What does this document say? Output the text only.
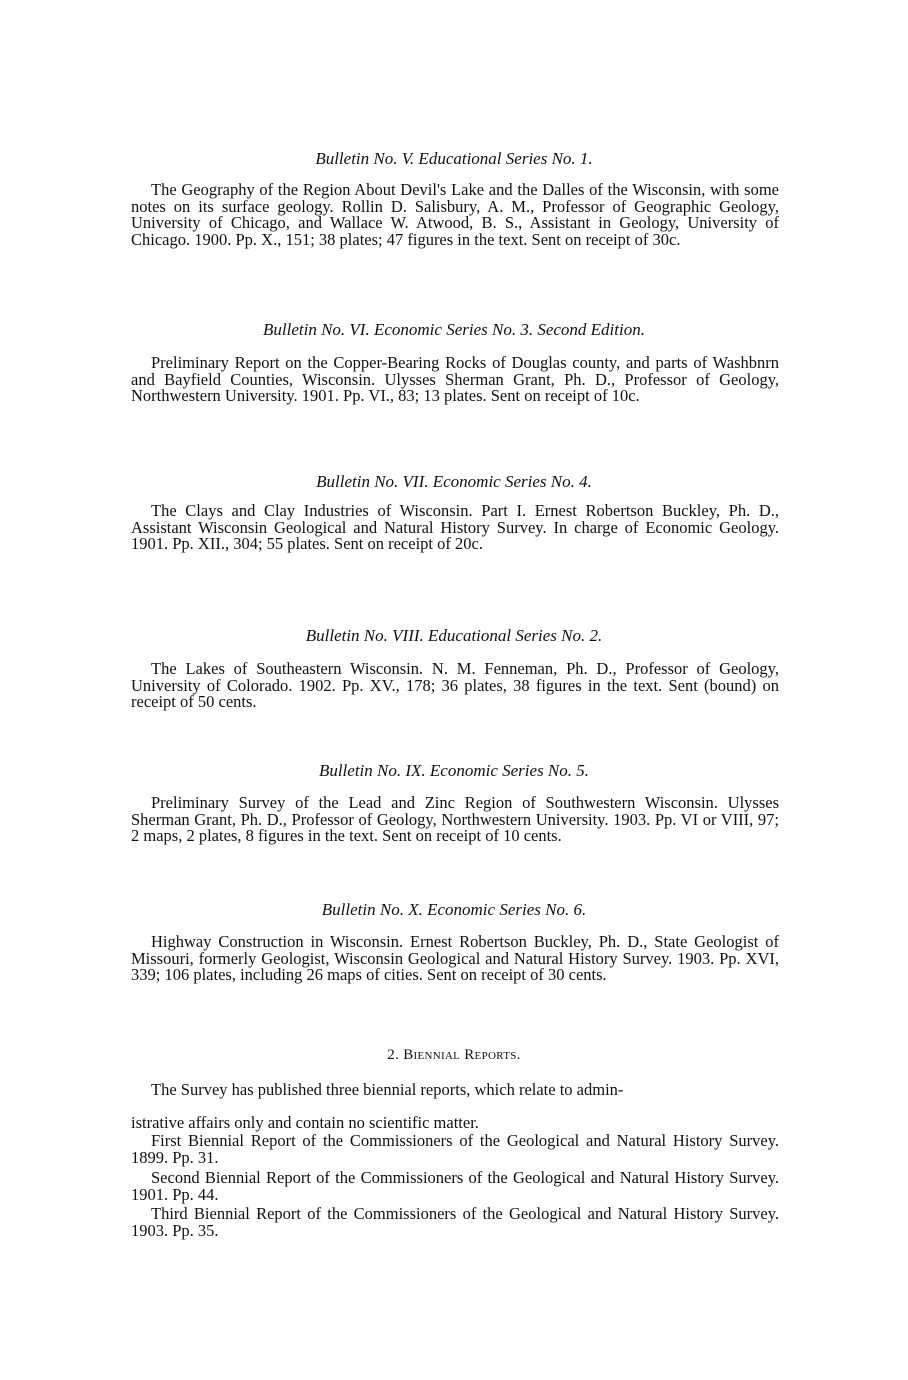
Bulletin No. V. Educational Series No. 1.
The Geography of the Region About Devil's Lake and the Dalles of the Wisconsin, with some notes on its surface geology. Rollin D. Salisbury, A. M., Professor of Geographic Geology, University of Chicago, and Wallace W. Atwood, B. S., Assistant in Geology, University of Chicago. 1900. Pp. X., 151; 38 plates; 47 figures in the text. Sent on receipt of 30c.
Bulletin No. VI. Economic Series No. 3. Second Edition.
Preliminary Report on the Copper-Bearing Rocks of Douglas county, and parts of Washbnrn and Bayfield Counties, Wisconsin. Ulysses Sherman Grant, Ph. D., Professor of Geology, Northwestern University. 1901. Pp. VI., 83; 13 plates. Sent on receipt of 10c.
Bulletin No. VII. Economic Series No. 4.
The Clays and Clay Industries of Wisconsin. Part I. Ernest Robertson Buckley, Ph. D., Assistant Wisconsin Geological and Natural History Survey. In charge of Economic Geology. 1901. Pp. XII., 304; 55 plates. Sent on receipt of 20c.
Bulletin No. VIII. Educational Series No. 2.
The Lakes of Southeastern Wisconsin. N. M. Fenneman, Ph. D., Professor of Geology, University of Colorado. 1902. Pp. XV., 178; 36 plates, 38 figures in the text. Sent (bound) on receipt of 50 cents.
Bulletin No. IX. Economic Series No. 5.
Preliminary Survey of the Lead and Zinc Region of Southwestern Wisconsin. Ulysses Sherman Grant, Ph. D., Professor of Geology, Northwestern University. 1903. Pp. VI or VIII, 97; 2 maps, 2 plates, 8 figures in the text. Sent on receipt of 10 cents.
Bulletin No. X. Economic Series No. 6.
Highway Construction in Wisconsin. Ernest Robertson Buckley, Ph. D., State Geologist of Missouri, formerly Geologist, Wisconsin Geological and Natural History Survey. 1903. Pp. XVI, 339; 106 plates, including 26 maps of cities. Sent on receipt of 30 cents.
2. Biennial Reports.
The Survey has published three biennial reports, which relate to admin-
istrative affairs only and contain no scientific matter.
First Biennial Report of the Commissioners of the Geological and Natural History Survey. 1899. Pp. 31.
Second Biennial Report of the Commissioners of the Geological and Natural History Survey. 1901. Pp. 44.
Third Biennial Report of the Commissioners of the Geological and Natural History Survey. 1903. Pp. 35.
